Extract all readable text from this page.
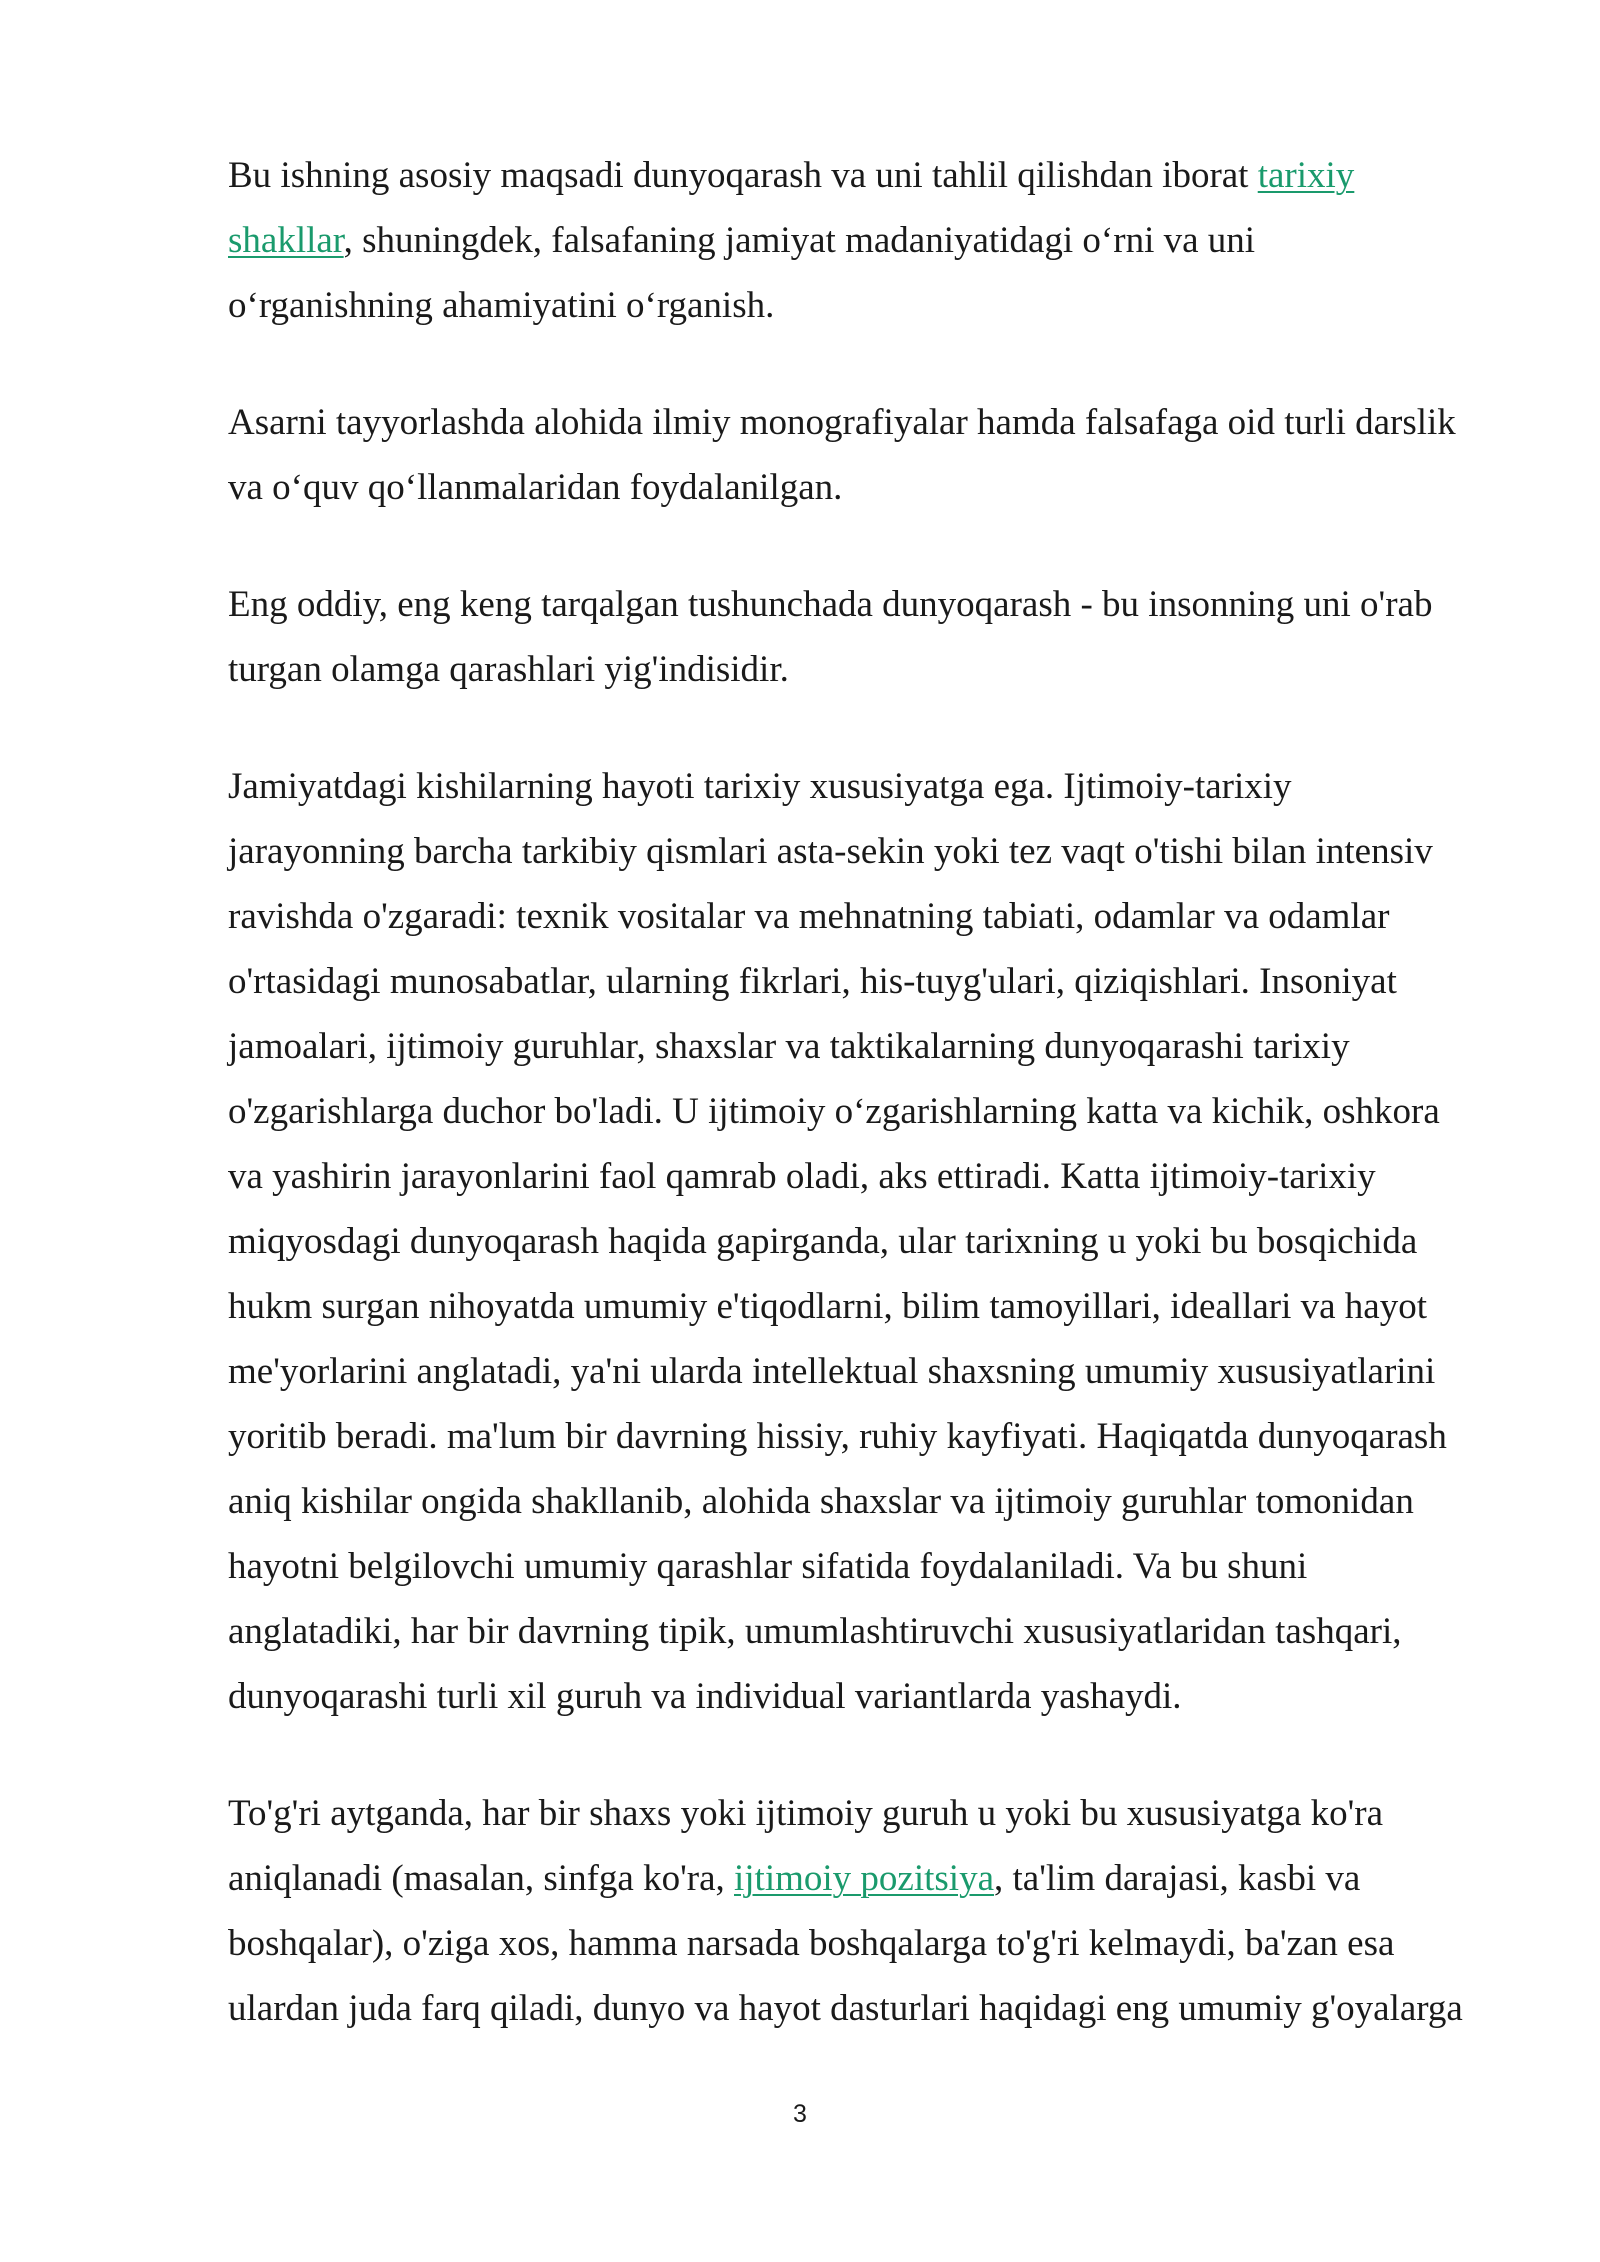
Bu ishning asosiy maqsadi dunyoqarash va uni tahlil qilishdan iborat tarixiy
shakllar, shuningdek, falsafaning jamiyat madaniyatidagi o‘rni va uni
o‘rganishning ahamiyatini o‘rganish.

Asarni tayyorlashda alohida ilmiy monografiyalar hamda falsafaga oid turli darslik
va o‘quv qo‘llanmalaridan foydalanilgan.

Eng oddiy, eng keng tarqalgan tushunchada dunyoqarash - bu insonning uni o'rab
turgan olamga qarashlari yig'indisidir.

Jamiyatdagi kishilarning hayoti tarixiy xususiyatga ega. Ijtimoiy-tarixiy
jarayonning barcha tarkibiy qismlari asta-sekin yoki tez vaqt o'tishi bilan intensiv
ravishda o'zgaradi: texnik vositalar va mehnatning tabiati, odamlar va odamlar
o'rtasidagi munosabatlar, ularning fikrlari, his-tuyg'ulari, qiziqishlari. Insoniyat
jamoalari, ijtimoiy guruhlar, shaxslar va taktikalarning dunyoqarashi tarixiy
o'zgarishlarga duchor bo'ladi. U ijtimoiy o‘zgarishlarning katta va kichik, oshkora
va yashirin jarayonlarini faol qamrab oladi, aks ettiradi. Katta ijtimoiy-tarixiy
miqyosdagi dunyoqarash haqida gapirganda, ular tarixning u yoki bu bosqichida
hukm surgan nihoyatda umumiy e'tiqodlarni, bilim tamoyillari, ideallari va hayot
me'yorlarini anglatadi, ya'ni ularda intellektual shaxsning umumiy xususiyatlarini
yoritib beradi. ma'lum bir davrning hissiy, ruhiy kayfiyati. Haqiqatda dunyoqarash
aniq kishilar ongida shakllanib, alohida shaxslar va ijtimoiy guruhlar tomonidan
hayotni belgilovchi umumiy qarashlar sifatida foydalaniladi. Va bu shuni
anglatadiki, har bir davrning tipik, umumlashtiruvchi xususiyatlaridan tashqari,
dunyoqarashi turli xil guruh va individual variantlarda yashaydi.

To'g'ri aytganda, har bir shaxs yoki ijtimoiy guruh u yoki bu xususiyatga ko'ra
aniqlanadi (masalan, sinfga ko'ra, ijtimoiy pozitsiya, ta'lim darajasi, kasbi va
boshqalar), o'ziga xos, hamma narsada boshqalarga to'g'ri kelmaydi, ba'zan esa
ulardan juda farq qiladi, dunyo va hayot dasturlari haqidagi eng umumiy g'oyalarga

3
